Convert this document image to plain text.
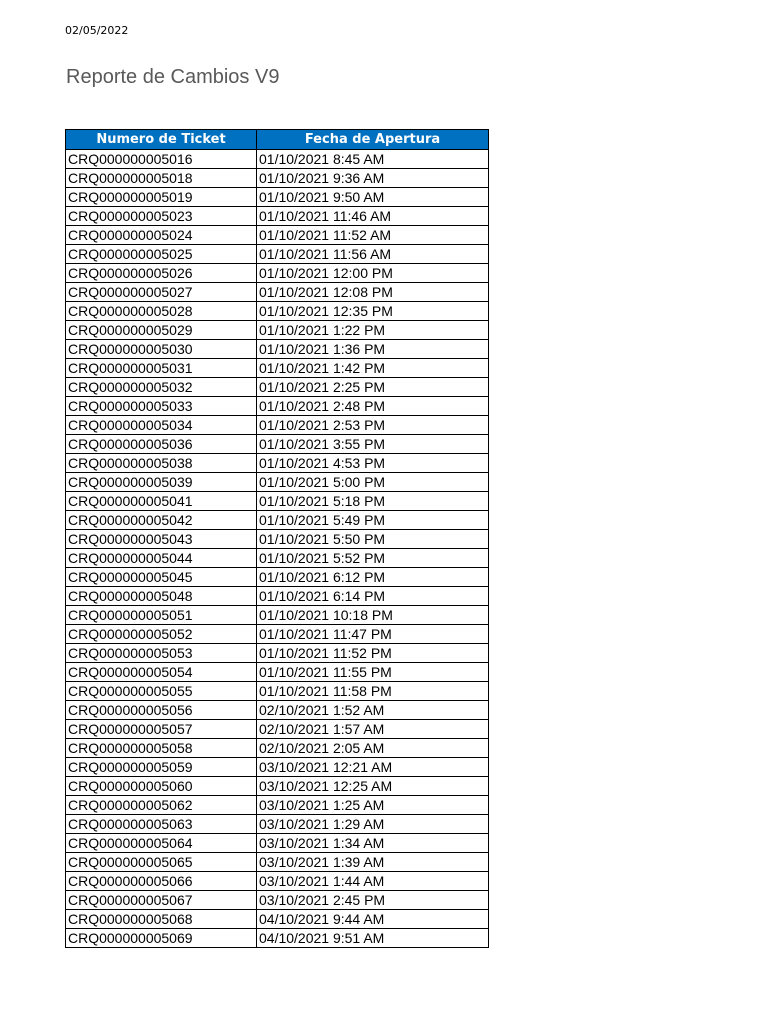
02/05/2022
Reporte de Cambios V9
Numero de Ticket	Fecha de Apertura
CRQ000000005016	01/10/2021 8:45 AM
CRQ000000005018	01/10/2021 9:36 AM
CRQ000000005019	01/10/2021 9:50 AM
CRQ000000005023	01/10/2021 11:46 AM
CRQ000000005024	01/10/2021 11:52 AM
CRQ000000005025	01/10/2021 11:56 AM
CRQ000000005026	01/10/2021 12:00 PM
CRQ000000005027	01/10/2021 12:08 PM
CRQ000000005028	01/10/2021 12:35 PM
CRQ000000005029	01/10/2021 1:22 PM
CRQ000000005030	01/10/2021 1:36 PM
CRQ000000005031	01/10/2021 1:42 PM
CRQ000000005032	01/10/2021 2:25 PM
CRQ000000005033	01/10/2021 2:48 PM
CRQ000000005034	01/10/2021 2:53 PM
CRQ000000005036	01/10/2021 3:55 PM
CRQ000000005038	01/10/2021 4:53 PM
CRQ000000005039	01/10/2021 5:00 PM
CRQ000000005041	01/10/2021 5:18 PM
CRQ000000005042	01/10/2021 5:49 PM
CRQ000000005043	01/10/2021 5:50 PM
CRQ000000005044	01/10/2021 5:52 PM
CRQ000000005045	01/10/2021 6:12 PM
CRQ000000005048	01/10/2021 6:14 PM
CRQ000000005051	01/10/2021 10:18 PM
CRQ000000005052	01/10/2021 11:47 PM
CRQ000000005053	01/10/2021 11:52 PM
CRQ000000005054	01/10/2021 11:55 PM
CRQ000000005055	01/10/2021 11:58 PM
CRQ000000005056	02/10/2021 1:52 AM
CRQ000000005057	02/10/2021 1:57 AM
CRQ000000005058	02/10/2021 2:05 AM
CRQ000000005059	03/10/2021 12:21 AM
CRQ000000005060	03/10/2021 12:25 AM
CRQ000000005062	03/10/2021 1:25 AM
CRQ000000005063	03/10/2021 1:29 AM
CRQ000000005064	03/10/2021 1:34 AM
CRQ000000005065	03/10/2021 1:39 AM
CRQ000000005066	03/10/2021 1:44 AM
CRQ000000005067	03/10/2021 2:45 PM
CRQ000000005068	04/10/2021 9:44 AM
CRQ000000005069	04/10/2021 9:51 AM
